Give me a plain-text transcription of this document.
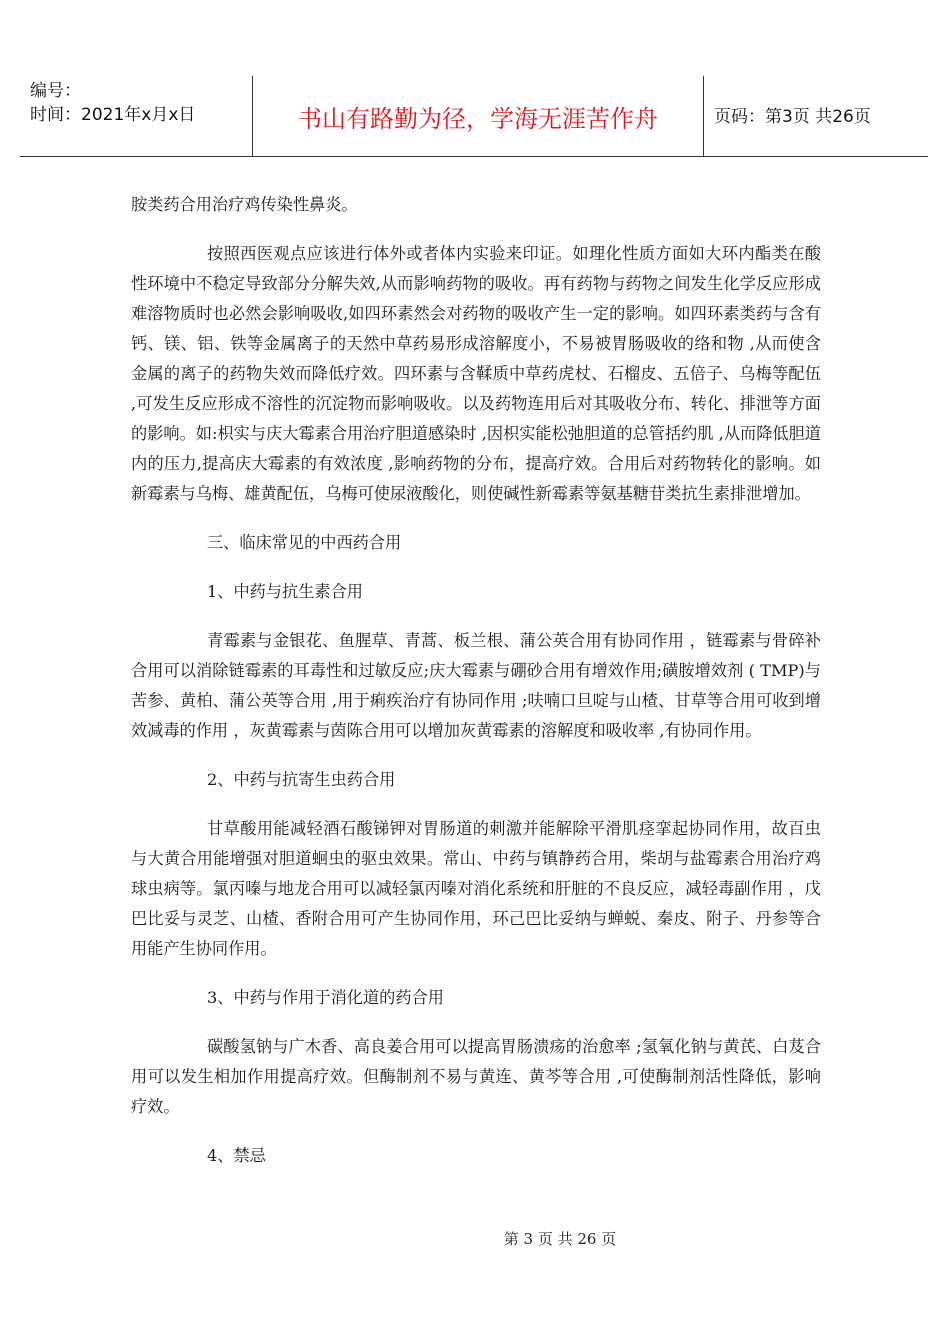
编号：
时间：2021年x月x日	书山有路勤为径，学海无涯苦作舟	页码：第3页 共26页

胺类药合用治疗鸡传染性鼻炎。

按照西医观点应该进行体外或者体内实验来印证。如理化性质方面如大环内酯类在酸性环境中不稳定导致部分分解失效,从而影响药物的吸收。再有药物与药物之间发生化学反应形成难溶物质时也必然会影响吸收,如四环素然会对药物的吸收产生一定的影响。如四环素类药与含有钙、镁、铝、铁等金属离子的天然中草药易形成溶解度小，不易被胃肠吸收的络和物 ,从而使含金属的离子的药物失效而降低疗效。四环素与含鞣质中草药虎杖、石榴皮、五倍子、乌梅等配伍 ,可发生反应形成不溶性的沉淀物而影响吸收。以及药物连用后对其吸收分布、转化、排泄等方面的影响。如:枳实与庆大霉素合用治疗胆道感染时 ,因枳实能松弛胆道的总管括约肌 ,从而降低胆道内的压力,提高庆大霉素的有效浓度 ,影响药物的分布，提高疗效。合用后对药物转化的影响。如新霉素与乌梅、雄黄配伍，乌梅可使尿液酸化，则使碱性新霉素等氨基糖苷类抗生素排泄增加。

三、临床常见的中西药合用

1、中药与抗生素合用

青霉素与金银花、鱼腥草、青蒿、板兰根、蒲公英合用有协同作用 ，链霉素与骨碎补合用可以消除链霉素的耳毒性和过敏反应;庆大霉素与硼砂合用有增效作用;磺胺增效剂 ( TMP)与苦参、黄柏、蒲公英等合用 ,用于痢疾治疗有协同作用 ;呋喃口旦啶与山楂、甘草等合用可收到增效减毒的作用 ，灰黄霉素与茵陈合用可以增加灰黄霉素的溶解度和吸收率 ,有协同作用。

2、中药与抗寄生虫药合用

甘草酸用能减轻酒石酸锑钾对胃肠道的刺激并能解除平滑肌痉挛起协同作用，故百虫与大黄合用能增强对胆道蛔虫的驱虫效果。常山、中药与镇静药合用，柴胡与盐霉素合用治疗鸡球虫病等。氯丙嗪与地龙合用可以减轻氯丙嗪对消化系统和肝脏的不良反应，减轻毒副作用 ，戊巴比妥与灵芝、山楂、香附合用可产生协同作用，环己巴比妥纳与蝉蜕、秦皮、附子、丹参等合用能产生协同作用。

3、中药与作用于消化道的药合用

碳酸氢钠与广木香、高良姜合用可以提高胃肠溃疡的治愈率 ;氢氧化钠与黄芪、白芨合用可以发生相加作用提高疗效。但酶制剂不易与黄连、黄芩等合用 ,可使酶制剂活性降低，影响疗效。

4、禁忌

第 3 页 共 26 页
